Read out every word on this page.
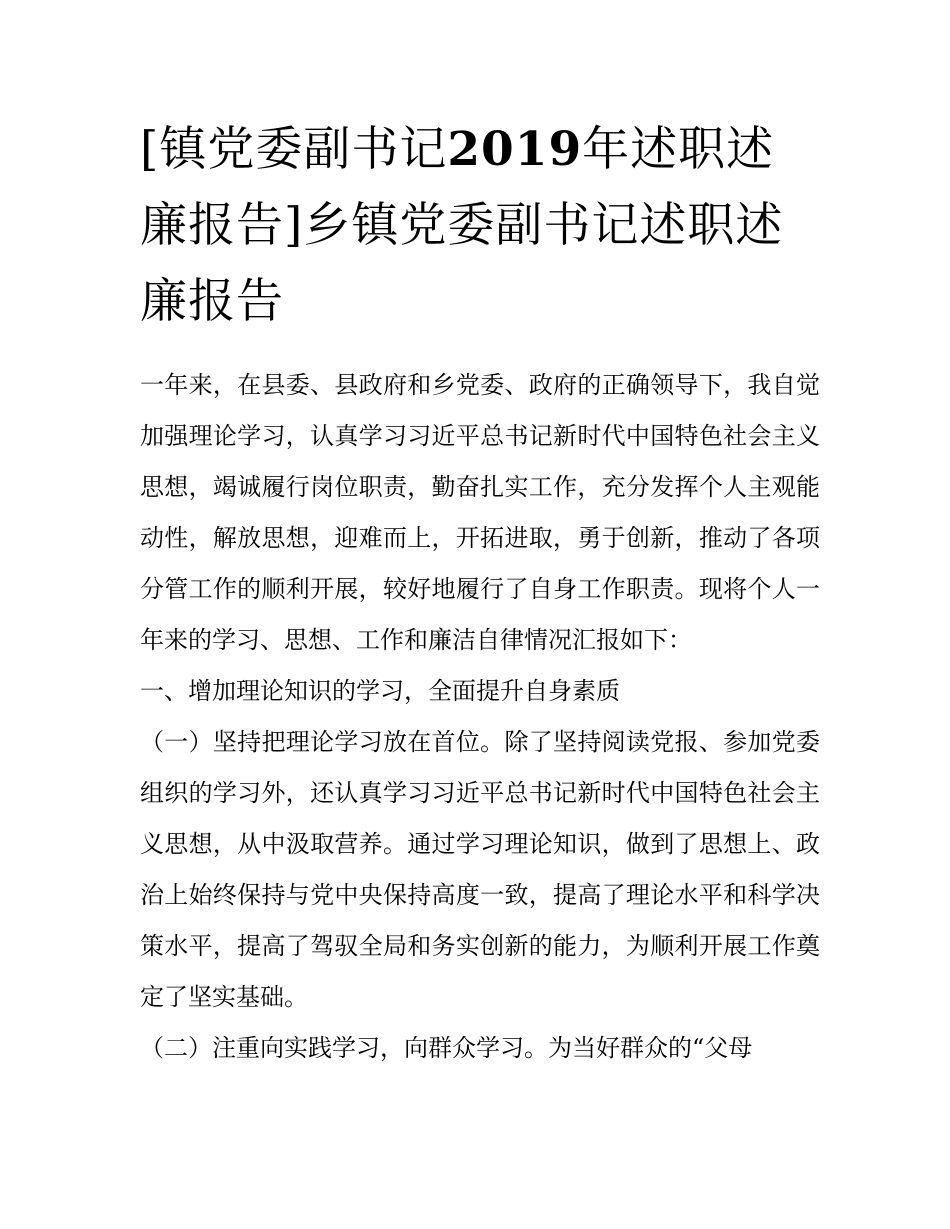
[镇党委副书记2019年述职述廉报告]乡镇党委副书记述职述廉报告

一年来，在县委、县政府和乡党委、政府的正确领导下，我自觉加强理论学习，认真学习习近平总书记新时代中国特色社会主义思想，竭诚履行岗位职责，勤奋扎实工作，充分发挥个人主观能动性，解放思想，迎难而上，开拓进取，勇于创新，推动了各项分管工作的顺利开展，较好地履行了自身工作职责。现将个人一年来的学习、思想、工作和廉洁自律情况汇报如下：

一、增加理论知识的学习，全面提升自身素质

（一）坚持把理论学习放在首位。除了坚持阅读党报、参加党委组织的学习外，还认真学习习近平总书记新时代中国特色社会主义思想，从中汲取营养。通过学习理论知识，做到了思想上、政治上始终保持与党中央保持高度一致，提高了理论水平和科学决策水平，提高了驾驭全局和务实创新的能力，为顺利开展工作奠定了坚实基础。

（二）注重向实践学习，向群众学习。为当好群众的“父母
